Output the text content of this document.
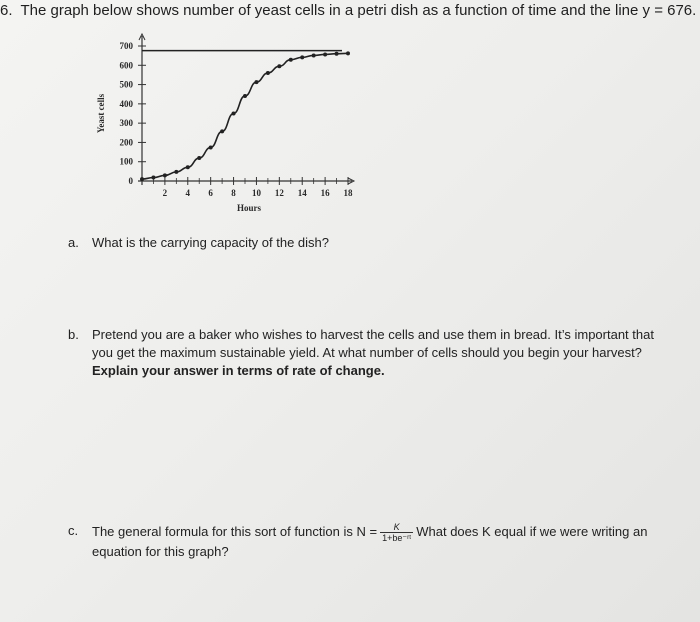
6. The graph below shows number of yeast cells in a petri dish as a function of time and the line y = 676.
0
100
200
300
400
500
600
700
2 4 6 8 10 12 14 16 18
Hours
Yeast cells
a. What is the carrying capacity of the dish?
b. Pretend you are a baker who wishes to harvest the cells and use them in bread. It’s important that you get the maximum sustainable yield. At what number of cells should you begin your harvest? Explain your answer in terms of rate of change.
c. The general formula for this sort of function is $N = \frac{K}{\text{1+be⁻ʳᵗ}}$ What does K equal if we were writing an equation for this graph?
